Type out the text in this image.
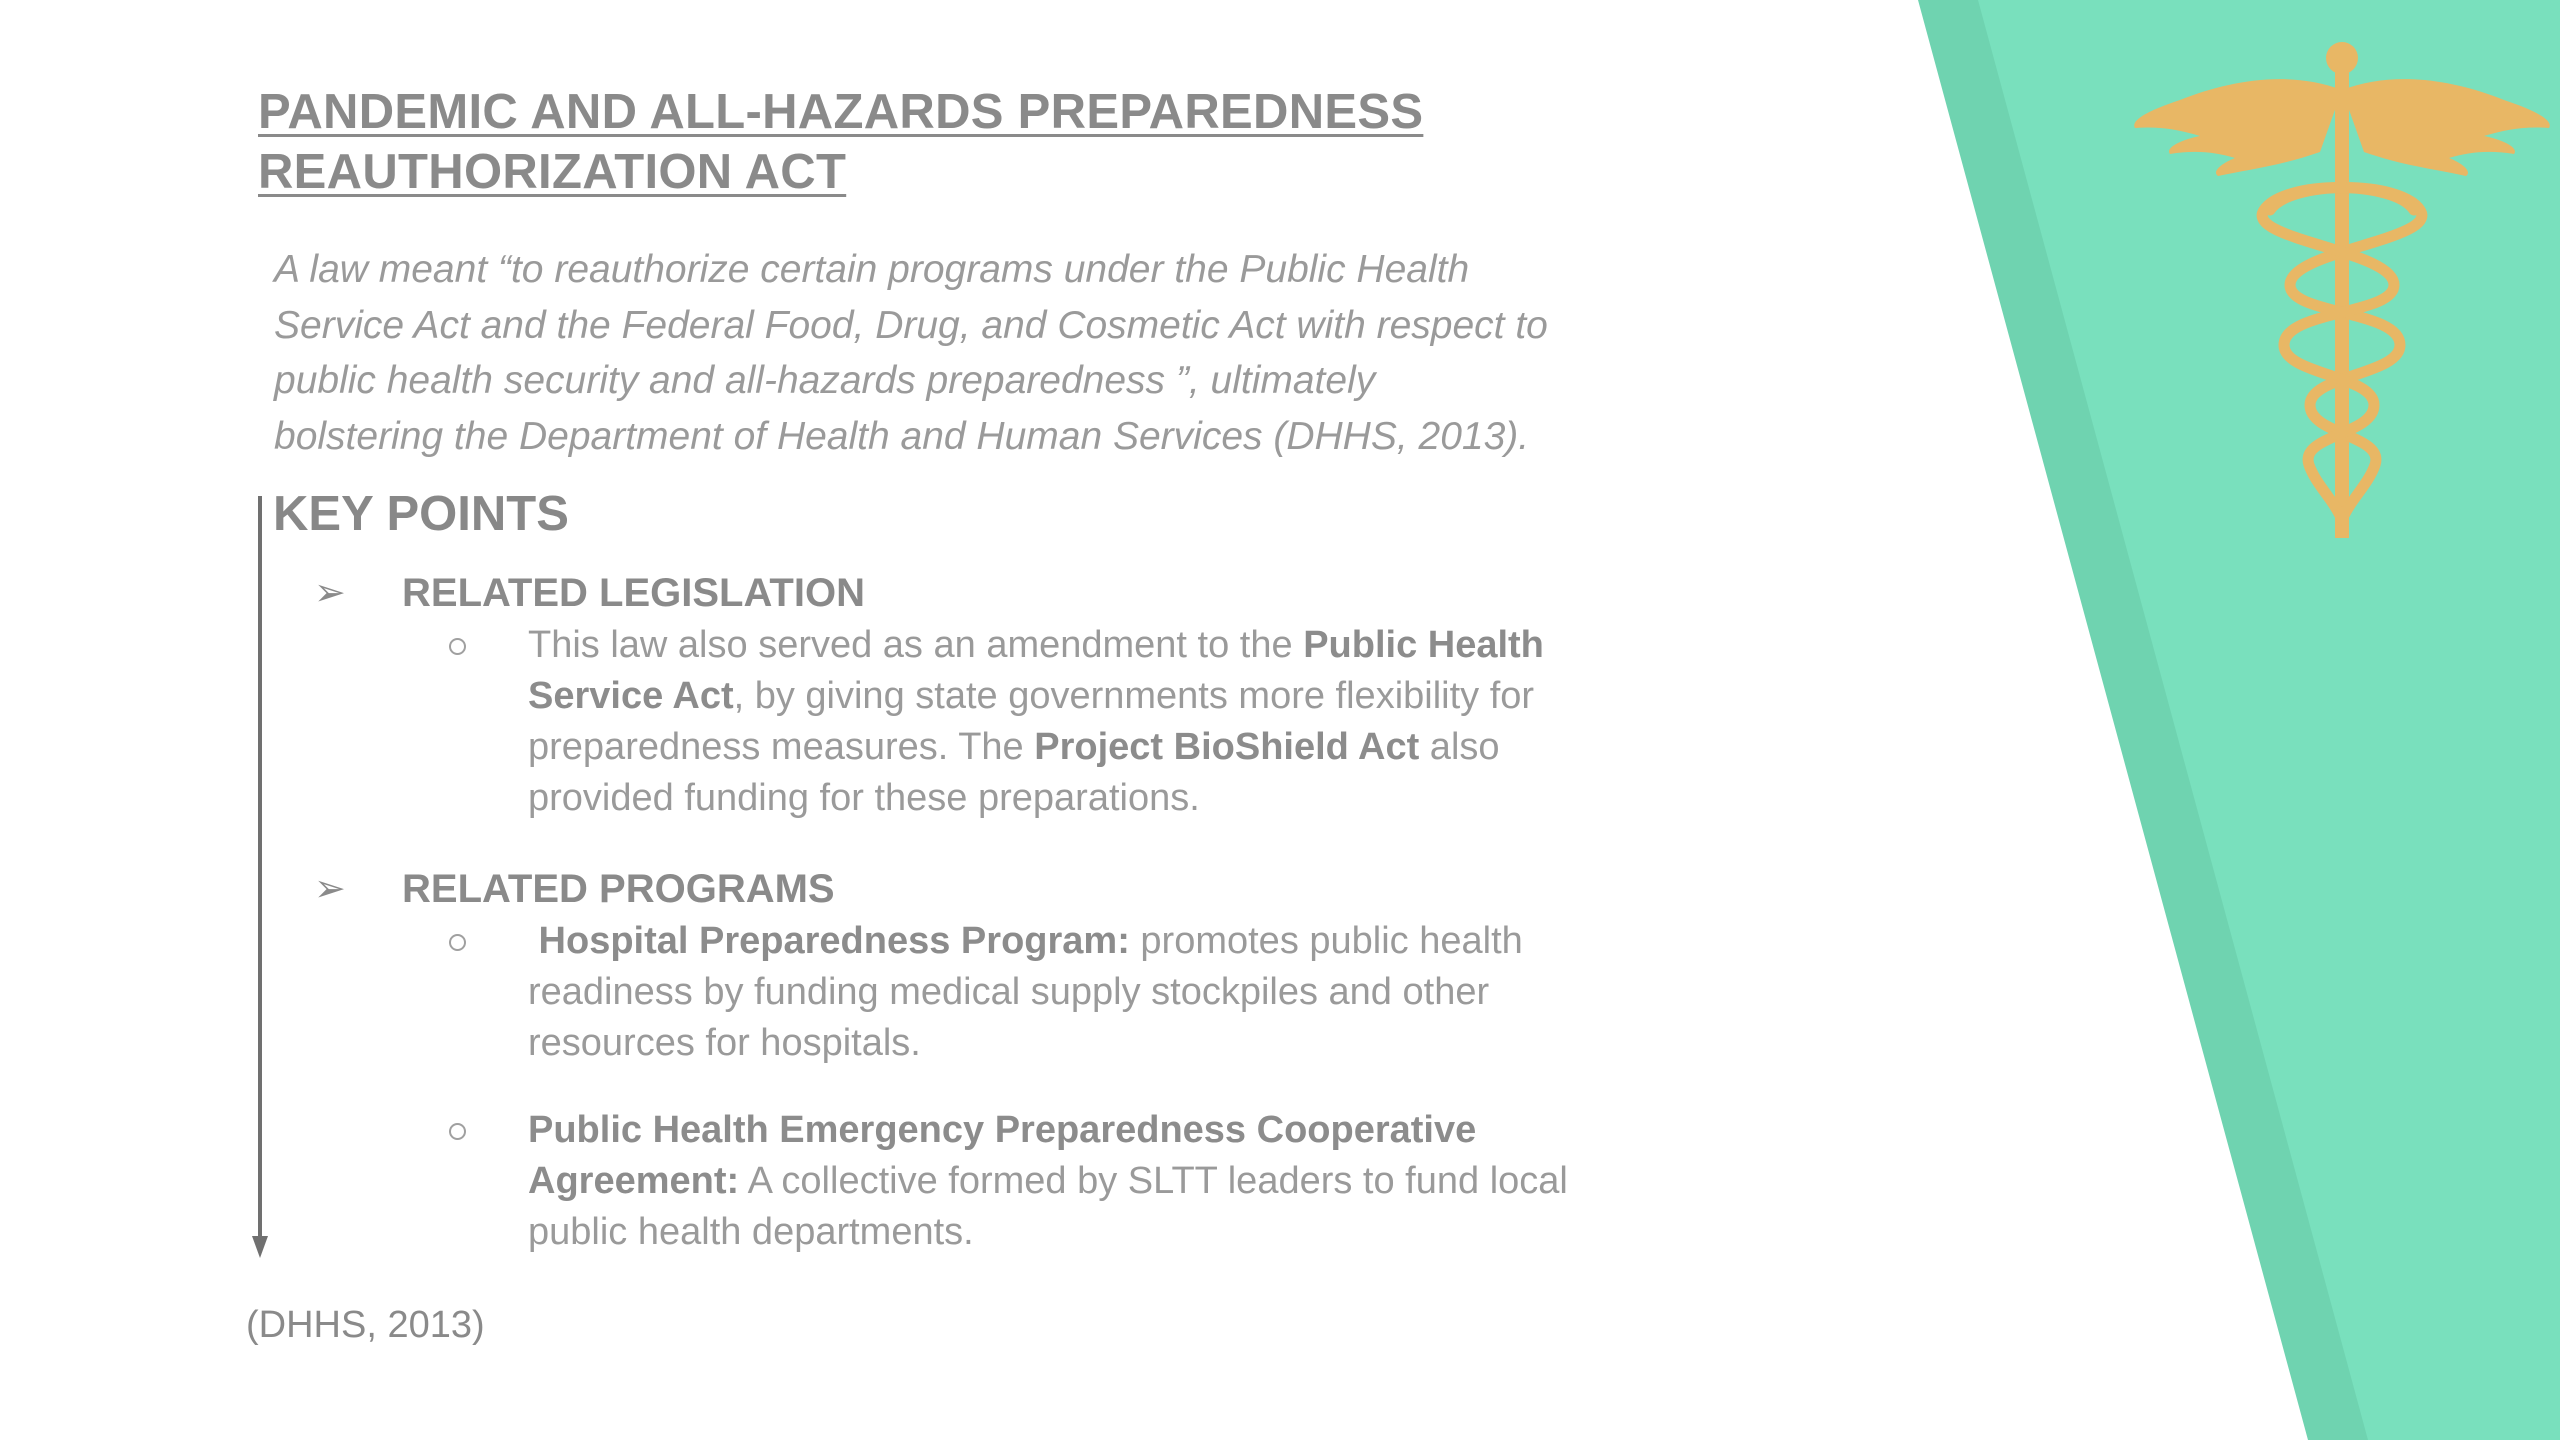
PANDEMIC AND ALL-HAZARDS PREPAREDNESS
REAUTHORIZATION ACT

A law meant “to reauthorize certain programs under the Public Health
Service Act and the Federal Food, Drug, and Cosmetic Act with respect to
public health security and all-hazards preparedness ”, ultimately
bolstering the Department of Health and Human Services (DHHS, 2013).

KEY POINTS
➢ RELATED LEGISLATION
This law also served as an amendment to the Public Health
Service Act, by giving state governments more flexibility for
preparedness measures. The Project BioShield Act also
provided funding for these preparations.
➢ RELATED PROGRAMS
Hospital Preparedness Program: promotes public health
readiness by funding medical supply stockpiles and other
resources for hospitals.
Public Health Emergency Preparedness Cooperative
Agreement: A collective formed by SLTT leaders to fund local
public health departments.
(DHHS, 2013)
